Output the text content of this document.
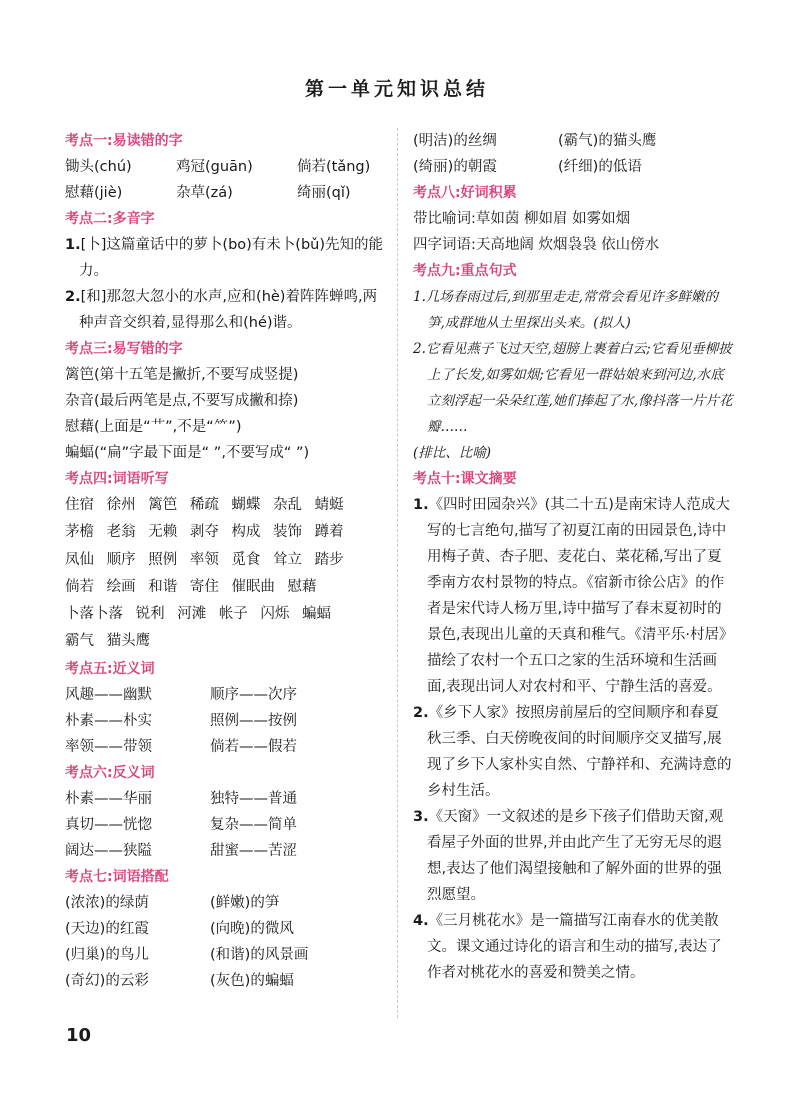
第一单元知识总结
考点一:易读错的字
锄头(chú)	鸡冠(guān)	倘若(tǎng)
慰藉(jiè)	杂草(zá)	绮丽(qǐ)
考点二:多音字
1.[卜]这篇童话中的萝卜(bo)有未卜(bǔ)先知的能力。
2.[和]那忽大忽小的水声,应和(hè)着阵阵蝉鸣,两种声音交织着,显得那么和(hé)谐。
考点三:易写错的字
篱笆(第十五笔是撇折,不要写成竖提)
杂音(最后两笔是点,不要写成撇和捺)
慰藉(上面是“艹”,不是“⺮”)
蝙蝠(“扁”字最下面是“ ”,不要写成“ ”)
考点四:词语听写
住宿 徐州 篱笆 稀疏 蝴蝶 杂乱 蜻蜓
茅檐 老翁 无赖 剥夺 构成 装饰 蹲着
凤仙 顺序 照例 率领 觅食 耸立 踏步
倘若 绘画 和谐 寄住 催眠曲 慰藉
卜落卜落 锐利 河滩 帐子 闪烁 蝙蝠
霸气 猫头鹰
考点五:近义词
风趣——幽默	顺序——次序
朴素——朴实	照例——按例
率领——带领	倘若——假若
考点六:反义词
朴素——华丽	独特——普通
真切——恍惚	复杂——简单
阔达——狭隘	甜蜜——苦涩
考点七:词语搭配
(浓浓)的绿荫	(鲜嫩)的笋
(天边)的红霞	(向晚)的微风
(归巢)的鸟儿	(和谐)的风景画
(奇幻)的云彩	(灰色)的蝙蝠
(明洁)的丝绸	(霸气)的猫头鹰
(绮丽)的朝霞	(纤细)的低语
考点八:好词积累
带比喻词:草如茵 柳如眉 如雾如烟
四字词语:天高地阔 炊烟袅袅 依山傍水
考点九:重点句式
1.几场春雨过后,到那里走走,常常会看见许多鲜嫩的笋,成群地从土里探出头来。(拟人)
2.它看见燕子飞过天空,翅膀上裹着白云;它看见垂柳披上了长发,如雾如烟;它看见一群姑娘来到河边,水底立刻浮起一朵朵红莲,她们捧起了水,像抖落一片片花瓣……
(排比、比喻)
考点十:课文摘要
1.《四时田园杂兴》(其二十五)是南宋诗人范成大写的七言绝句,描写了初夏江南的田园景色,诗中用梅子黄、杏子肥、麦花白、菜花稀,写出了夏季南方农村景物的特点。《宿新市徐公店》的作者是宋代诗人杨万里,诗中描写了春末夏初时的景色,表现出儿童的天真和稚气。《清平乐·村居》描绘了农村一个五口之家的生活环境和生活画面,表现出词人对农村和平、宁静生活的喜爱。
2.《乡下人家》按照房前屋后的空间顺序和春夏秋三季、白天傍晚夜间的时间顺序交叉描写,展现了乡下人家朴实自然、宁静祥和、充满诗意的乡村生活。
3.《天窗》一文叙述的是乡下孩子们借助天窗,观看屋子外面的世界,并由此产生了无穷无尽的遐想,表达了他们渴望接触和了解外面的世界的强烈愿望。
4.《三月桃花水》是一篇描写江南春水的优美散文。课文通过诗化的语言和生动的描写,表达了作者对桃花水的喜爱和赞美之情。
10
